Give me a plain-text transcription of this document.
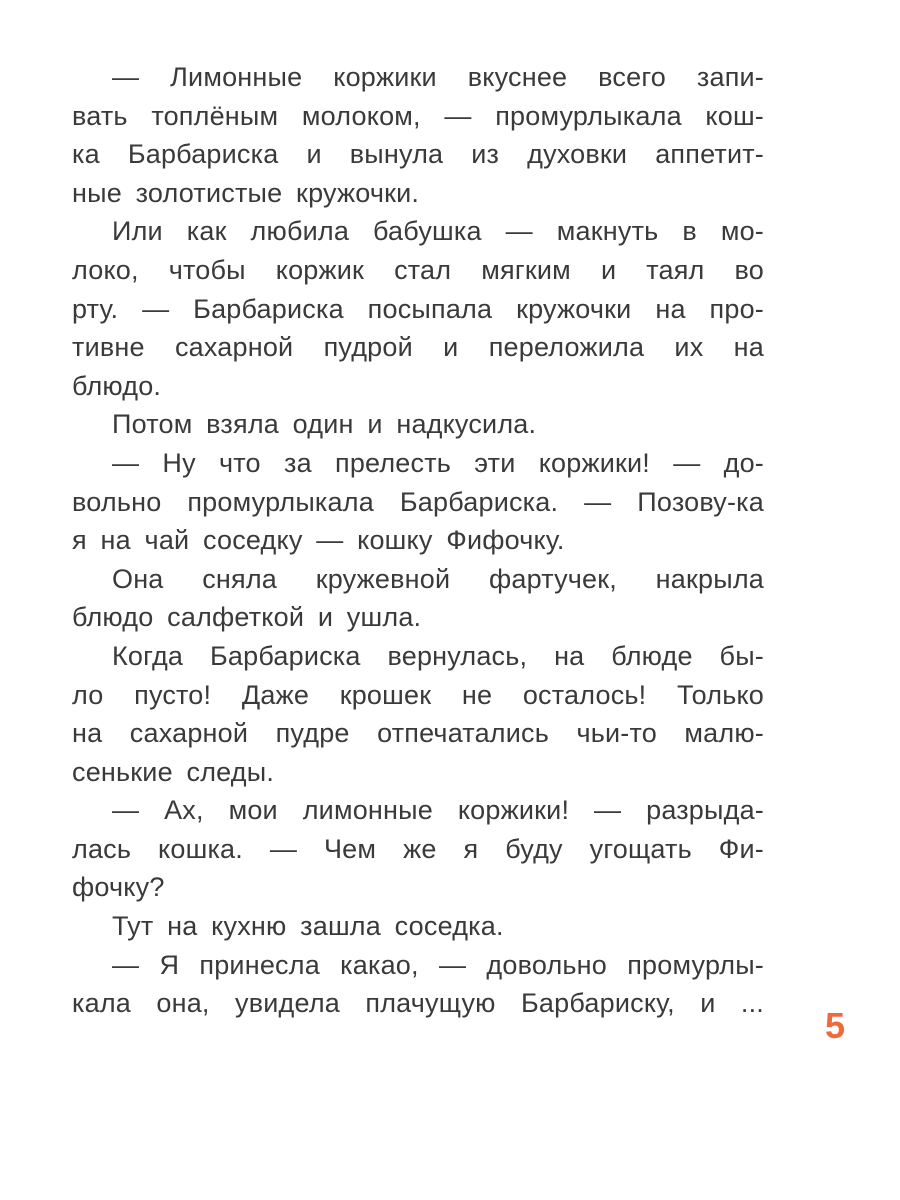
— Лимонные коржики вкуснее всего запи-
вать топлёным молоком, — промурлыкала кош-
ка Барбариска и вынула из духовки аппетит-
ные золотистые кружочки.
Или как любила бабушка — макнуть в мо-
локо, чтобы коржик стал мягким и таял во
рту. — Барбариска посыпала кружочки на про-
тивне сахарной пудрой и переложила их на
блюдо.
Потом взяла один и надкусила.
— Ну что за прелесть эти коржики! — до-
вольно промурлыкала Барбариска. — Позову-ка
я на чай соседку — кошку Фифочку.
Она сняла кружевной фартучек, накрыла
блюдо салфеткой и ушла.
Когда Барбариска вернулась, на блюде бы-
ло пусто! Даже крошек не осталось! Только
на сахарной пудре отпечатались чьи-то малю-
сенькие следы.
— Ах, мои лимонные коржики! — разрыда-
лась кошка. — Чем же я буду угощать Фи-
фочку?
Тут на кухню зашла соседка.
— Я принесла какао, — довольно промурлы-
кала она, увидела плачущую Барбариску, и ...
5
